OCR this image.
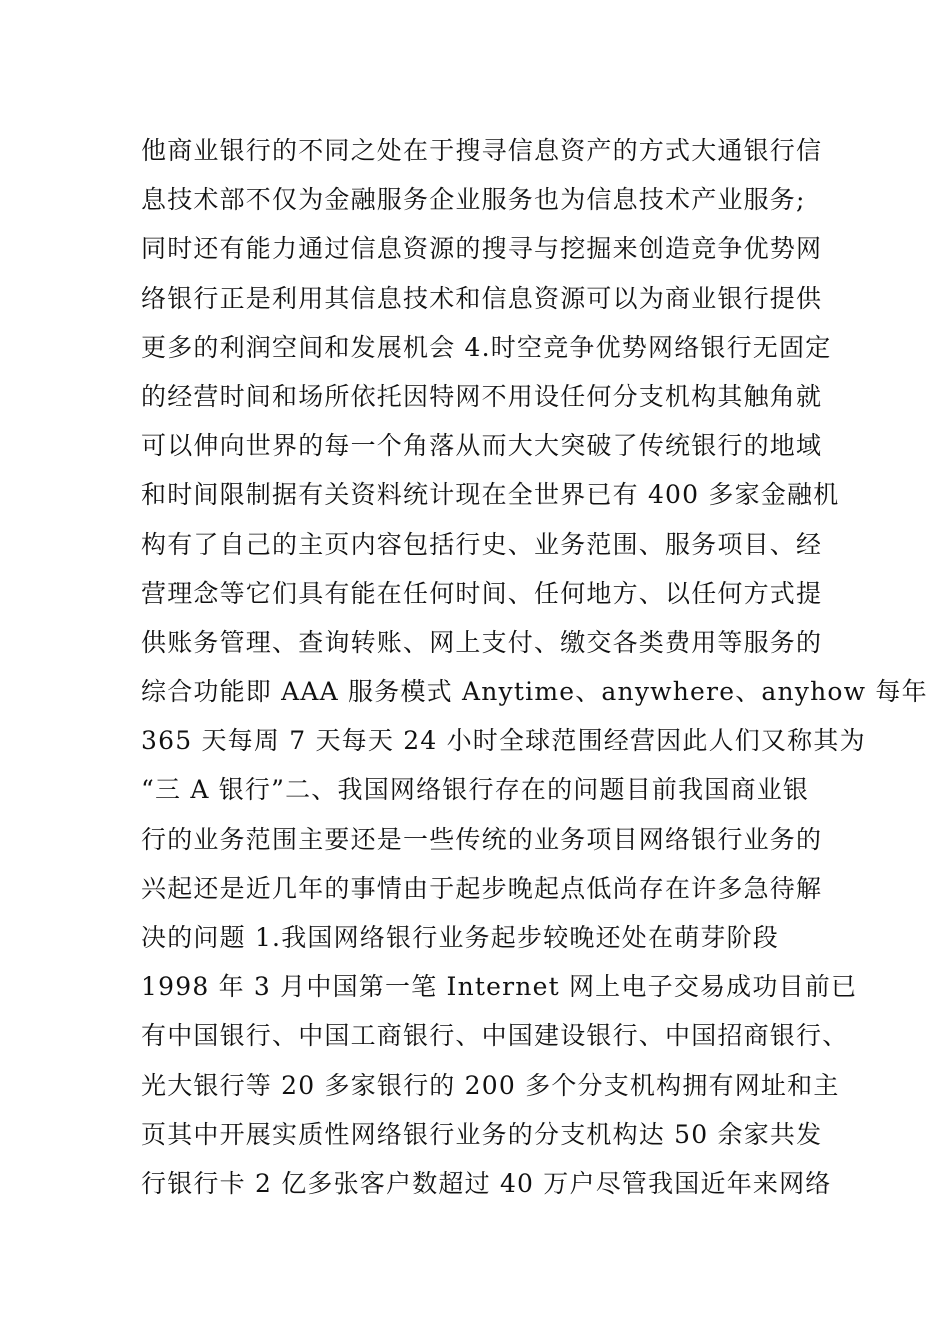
他商业银行的不同之处在于搜寻信息资产的方式大通银行信
息技术部不仅为金融服务企业服务也为信息技术产业服务;
同时还有能力通过信息资源的搜寻与挖掘来创造竞争优势网
络银行正是利用其信息技术和信息资源可以为商业银行提供
更多的利润空间和发展机会 4.时空竞争优势网络银行无固定
的经营时间和场所依托因特网不用设任何分支机构其触角就
可以伸向世界的每一个角落从而大大突破了传统银行的地域
和时间限制据有关资料统计现在全世界已有 400 多家金融机
构有了自己的主页内容包括行史、业务范围、服务项目、经
营理念等它们具有能在任何时间、任何地方、以任何方式提
供账务管理、查询转账、网上支付、缴交各类费用等服务的
综合功能即 AAA 服务模式 Anytime、anywhere、anyhow 每年
365 天每周 7 天每天 24 小时全球范围经营因此人们又称其为
“三 A 银行”二、我国网络银行存在的问题目前我国商业银
行的业务范围主要还是一些传统的业务项目网络银行业务的
兴起还是近几年的事情由于起步晚起点低尚存在许多急待解
决的问题 1.我国网络银行业务起步较晚还处在萌芽阶段
1998 年 3 月中国第一笔 Internet 网上电子交易成功目前已
有中国银行、中国工商银行、中国建设银行、中国招商银行、
光大银行等 20 多家银行的 200 多个分支机构拥有网址和主
页其中开展实质性网络银行业务的分支机构达 50 余家共发
行银行卡 2 亿多张客户数超过 40 万户尽管我国近年来网络
